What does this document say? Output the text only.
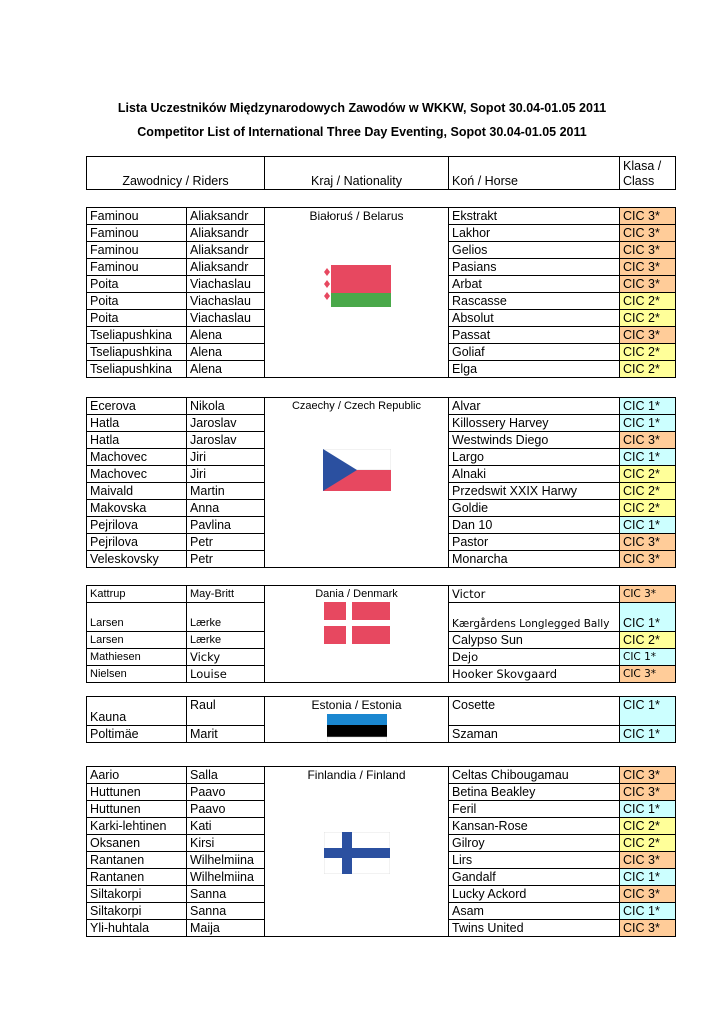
Lista Uczestników Międzynarodowych Zawodów w WKKW, Sopot 30.04-01.05 2011
Competitor List of International Three Day Eventing, Sopot 30.04-01.05 2011
Zawodnicy / Riders	Kraj / Nationality	Koń / Horse	Klasa /
Class
Faminou	Aliaksandr	Białoruś / Belarus	Ekstrakt	CIC 3*
Faminou	Aliaksandr		Lakhor	CIC 3*
Faminou	Aliaksandr		Gelios	CIC 3*
Faminou	Aliaksandr		Pasians	CIC 3*
Poita	Viachaslau		Arbat	CIC 3*
Poita	Viachaslau		Rascasse	CIC 2*
Poita	Viachaslau		Absolut	CIC 2*
Tseliapushkina	Alena		Passat	CIC 3*
Tseliapushkina	Alena		Goliaf	CIC 2*
Tseliapushkina	Alena		Elga	CIC 2*
Ecerova	Nikola	Czaechy / Czech Republic	Alvar	CIC 1*
Hatla	Jaroslav		Killossery Harvey	CIC 1*
Hatla	Jaroslav		Westwinds Diego	CIC 3*
Machovec	Jiri		Largo	CIC 1*
Machovec	Jiri		Alnaki	CIC 2*
Maivald	Martin		Przedswit XXIX Harwy	CIC 2*
Makovska	Anna		Goldie	CIC 2*
Pejrilova	Pavlina		Dan 10	CIC 1*
Pejrilova	Petr		Pastor	CIC 3*
Veleskovsky	Petr		Monarcha	CIC 3*
Kattrup	May-Britt	Dania / Denmark	Victor	CIC 3*
Larsen	Lærke		Kærgårdens Longlegged Bally	CIC 1*
Larsen	Lærke		Calypso Sun	CIC 2*
Mathiesen	Vicky		Dejo	CIC 1*
Nielsen	Louise		Hooker Skovgaard	CIC 3*
Kauna	Raul	Estonia / Estonia	Cosette	CIC 1*
Poltimäe	Marit		Szaman	CIC 1*
Aario	Salla	Finlandia / Finland	Celtas Chibougamau	CIC 3*
Huttunen	Paavo		Betina Beakley	CIC 3*
Huttunen	Paavo		Feril	CIC 1*
Karki-lehtinen	Kati		Kansan-Rose	CIC 2*
Oksanen	Kirsi		Gilroy	CIC 2*
Rantanen	Wilhelmiina		Lirs	CIC 3*
Rantanen	Wilhelmiina		Gandalf	CIC 1*
Siltakorpi	Sanna		Lucky Ackord	CIC 3*
Siltakorpi	Sanna		Asam	CIC 1*
Yli-huhtala	Maija		Twins United	CIC 3*
